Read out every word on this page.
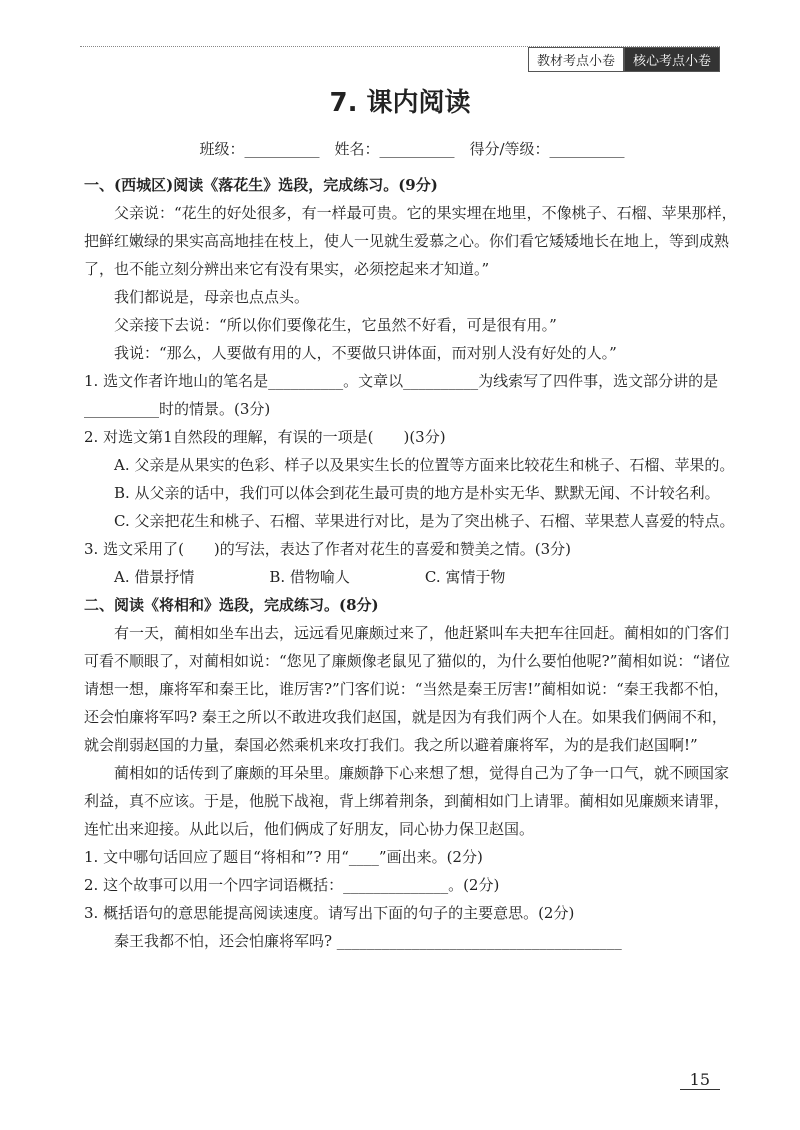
教材考点小卷	核心考点小卷
7. 课内阅读

班级：__________　姓名：__________　得分/等级：__________

一、(西城区)阅读《落花生》选段，完成练习。(9分)

父亲说：“花生的好处很多，有一样最可贵。它的果实埋在地里，不像桃子、石榴、苹果那样，把鲜红嫩绿的果实高高地挂在枝上，使人一见就生爱慕之心。你们看它矮矮地长在地上，等到成熟了，也不能立刻分辨出来它有没有果实，必须挖起来才知道。”

我们都说是，母亲也点点头。

父亲接下去说：“所以你们要像花生，它虽然不好看，可是很有用。”

我说：“那么，人要做有用的人，不要做只讲体面，而对别人没有好处的人。”

1. 选文作者许地山的笔名是__________。文章以__________为线索写了四件事，选文部分讲的是__________时的情景。(3分)

2. 对选文第1自然段的理解，有误的一项是(　　)(3分)

A. 父亲是从果实的色彩、样子以及果实生长的位置等方面来比较花生和桃子、石榴、苹果的。

B. 从父亲的话中，我们可以体会到花生最可贵的地方是朴实无华、默默无闻、不计较名利。

C. 父亲把花生和桃子、石榴、苹果进行对比，是为了突出桃子、石榴、苹果惹人喜爱的特点。

3. 选文采用了(　　)的写法，表达了作者对花生的喜爱和赞美之情。(3分)

A. 借景抒情　　　　　B. 借物喻人　　　　　C. 寓情于物

二、阅读《将相和》选段，完成练习。(8分)

有一天，蔺相如坐车出去，远远看见廉颇过来了，他赶紧叫车夫把车往回赶。蔺相如的门客们可看不顺眼了，对蔺相如说：“您见了廉颇像老鼠见了猫似的，为什么要怕他呢?”蔺相如说：“诸位请想一想，廉将军和秦王比，谁厉害?”门客们说：“当然是秦王厉害!”蔺相如说：“秦王我都不怕，还会怕廉将军吗? 秦王之所以不敢进攻我们赵国，就是因为有我们两个人在。如果我们俩闹不和，就会削弱赵国的力量，秦国必然乘机来攻打我们。我之所以避着廉将军，为的是我们赵国啊!”

蔺相如的话传到了廉颇的耳朵里。廉颇静下心来想了想，觉得自己为了争一口气，就不顾国家利益，真不应该。于是，他脱下战袍，背上绑着荆条，到蔺相如门上请罪。蔺相如见廉颇来请罪，连忙出来迎接。从此以后，他们俩成了好朋友，同心协力保卫赵国。

1. 文中哪句话回应了题目“将相和”? 用“____”画出来。(2分)

2. 这个故事可以用一个四字词语概括：______________。(2分)

3. 概括语句的意思能提高阅读速度。请写出下面的句子的主要意思。(2分)

秦王我都不怕，还会怕廉将军吗? ______________________________________

15
